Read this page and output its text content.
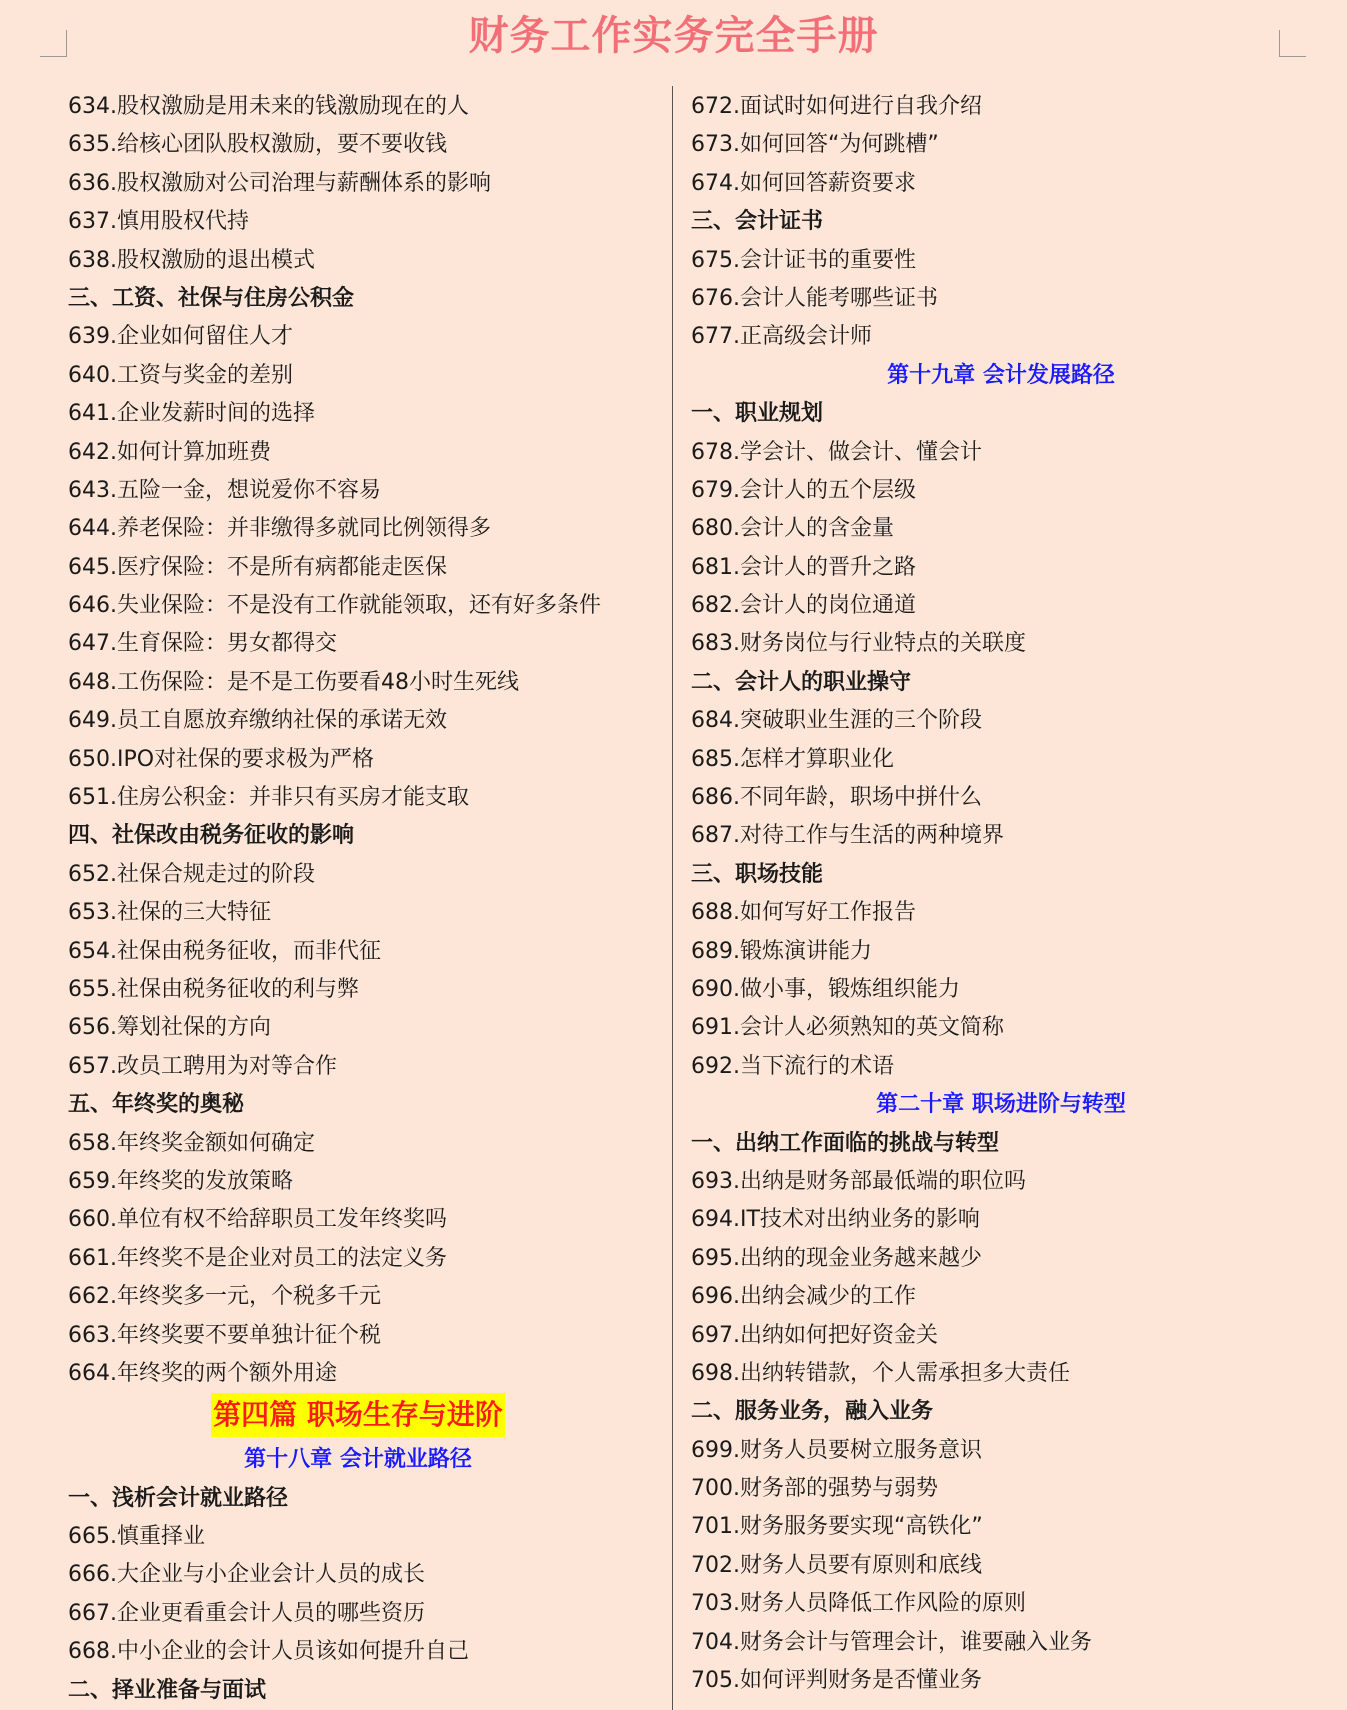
财务工作实务完全手册
634.股权激励是用未来的钱激励现在的人
635.给核心团队股权激励，要不要收钱
636.股权激励对公司治理与薪酬体系的影响
637.慎用股权代持
638.股权激励的退出模式
三、工资、社保与住房公积金
639.企业如何留住人才
640.工资与奖金的差别
641.企业发薪时间的选择
642.如何计算加班费
643.五险一金，想说爱你不容易
644.养老保险：并非缴得多就同比例领得多
645.医疗保险：不是所有病都能走医保
646.失业保险：不是没有工作就能领取，还有好多条件
647.生育保险：男女都得交
648.工伤保险：是不是工伤要看48小时生死线
649.员工自愿放弃缴纳社保的承诺无效
650.IPO对社保的要求极为严格
651.住房公积金：并非只有买房才能支取
四、社保改由税务征收的影响
652.社保合规走过的阶段
653.社保的三大特征
654.社保由税务征收，而非代征
655.社保由税务征收的利与弊
656.筹划社保的方向
657.改员工聘用为对等合作
五、年终奖的奥秘
658.年终奖金额如何确定
659.年终奖的发放策略
660.单位有权不给辞职员工发年终奖吗
661.年终奖不是企业对员工的法定义务
662.年终奖多一元，个税多千元
663.年终奖要不要单独计征个税
664.年终奖的两个额外用途
第四篇 职场生存与进阶
第十八章 会计就业路径
一、浅析会计就业路径
665.慎重择业
666.大企业与小企业会计人员的成长
667.企业更看重会计人员的哪些资历
668.中小企业的会计人员该如何提升自己
二、择业准备与面试
672.面试时如何进行自我介绍
673.如何回答“为何跳槽”
674.如何回答薪资要求
三、会计证书
675.会计证书的重要性
676.会计人能考哪些证书
677.正高级会计师
第十九章 会计发展路径
一、职业规划
678.学会计、做会计、懂会计
679.会计人的五个层级
680.会计人的含金量
681.会计人的晋升之路
682.会计人的岗位通道
683.财务岗位与行业特点的关联度
二、会计人的职业操守
684.突破职业生涯的三个阶段
685.怎样才算职业化
686.不同年龄，职场中拼什么
687.对待工作与生活的两种境界
三、职场技能
688.如何写好工作报告
689.锻炼演讲能力
690.做小事，锻炼组织能力
691.会计人必须熟知的英文简称
692.当下流行的术语
第二十章 职场进阶与转型
一、出纳工作面临的挑战与转型
693.出纳是财务部最低端的职位吗
694.IT技术对出纳业务的影响
695.出纳的现金业务越来越少
696.出纳会减少的工作
697.出纳如何把好资金关
698.出纳转错款，个人需承担多大责任
二、服务业务，融入业务
699.财务人员要树立服务意识
700.财务部的强势与弱势
701.财务服务要实现“高铁化”
702.财务人员要有原则和底线
703.财务人员降低工作风险的原则
704.财务会计与管理会计，谁要融入业务
705.如何评判财务是否懂业务
